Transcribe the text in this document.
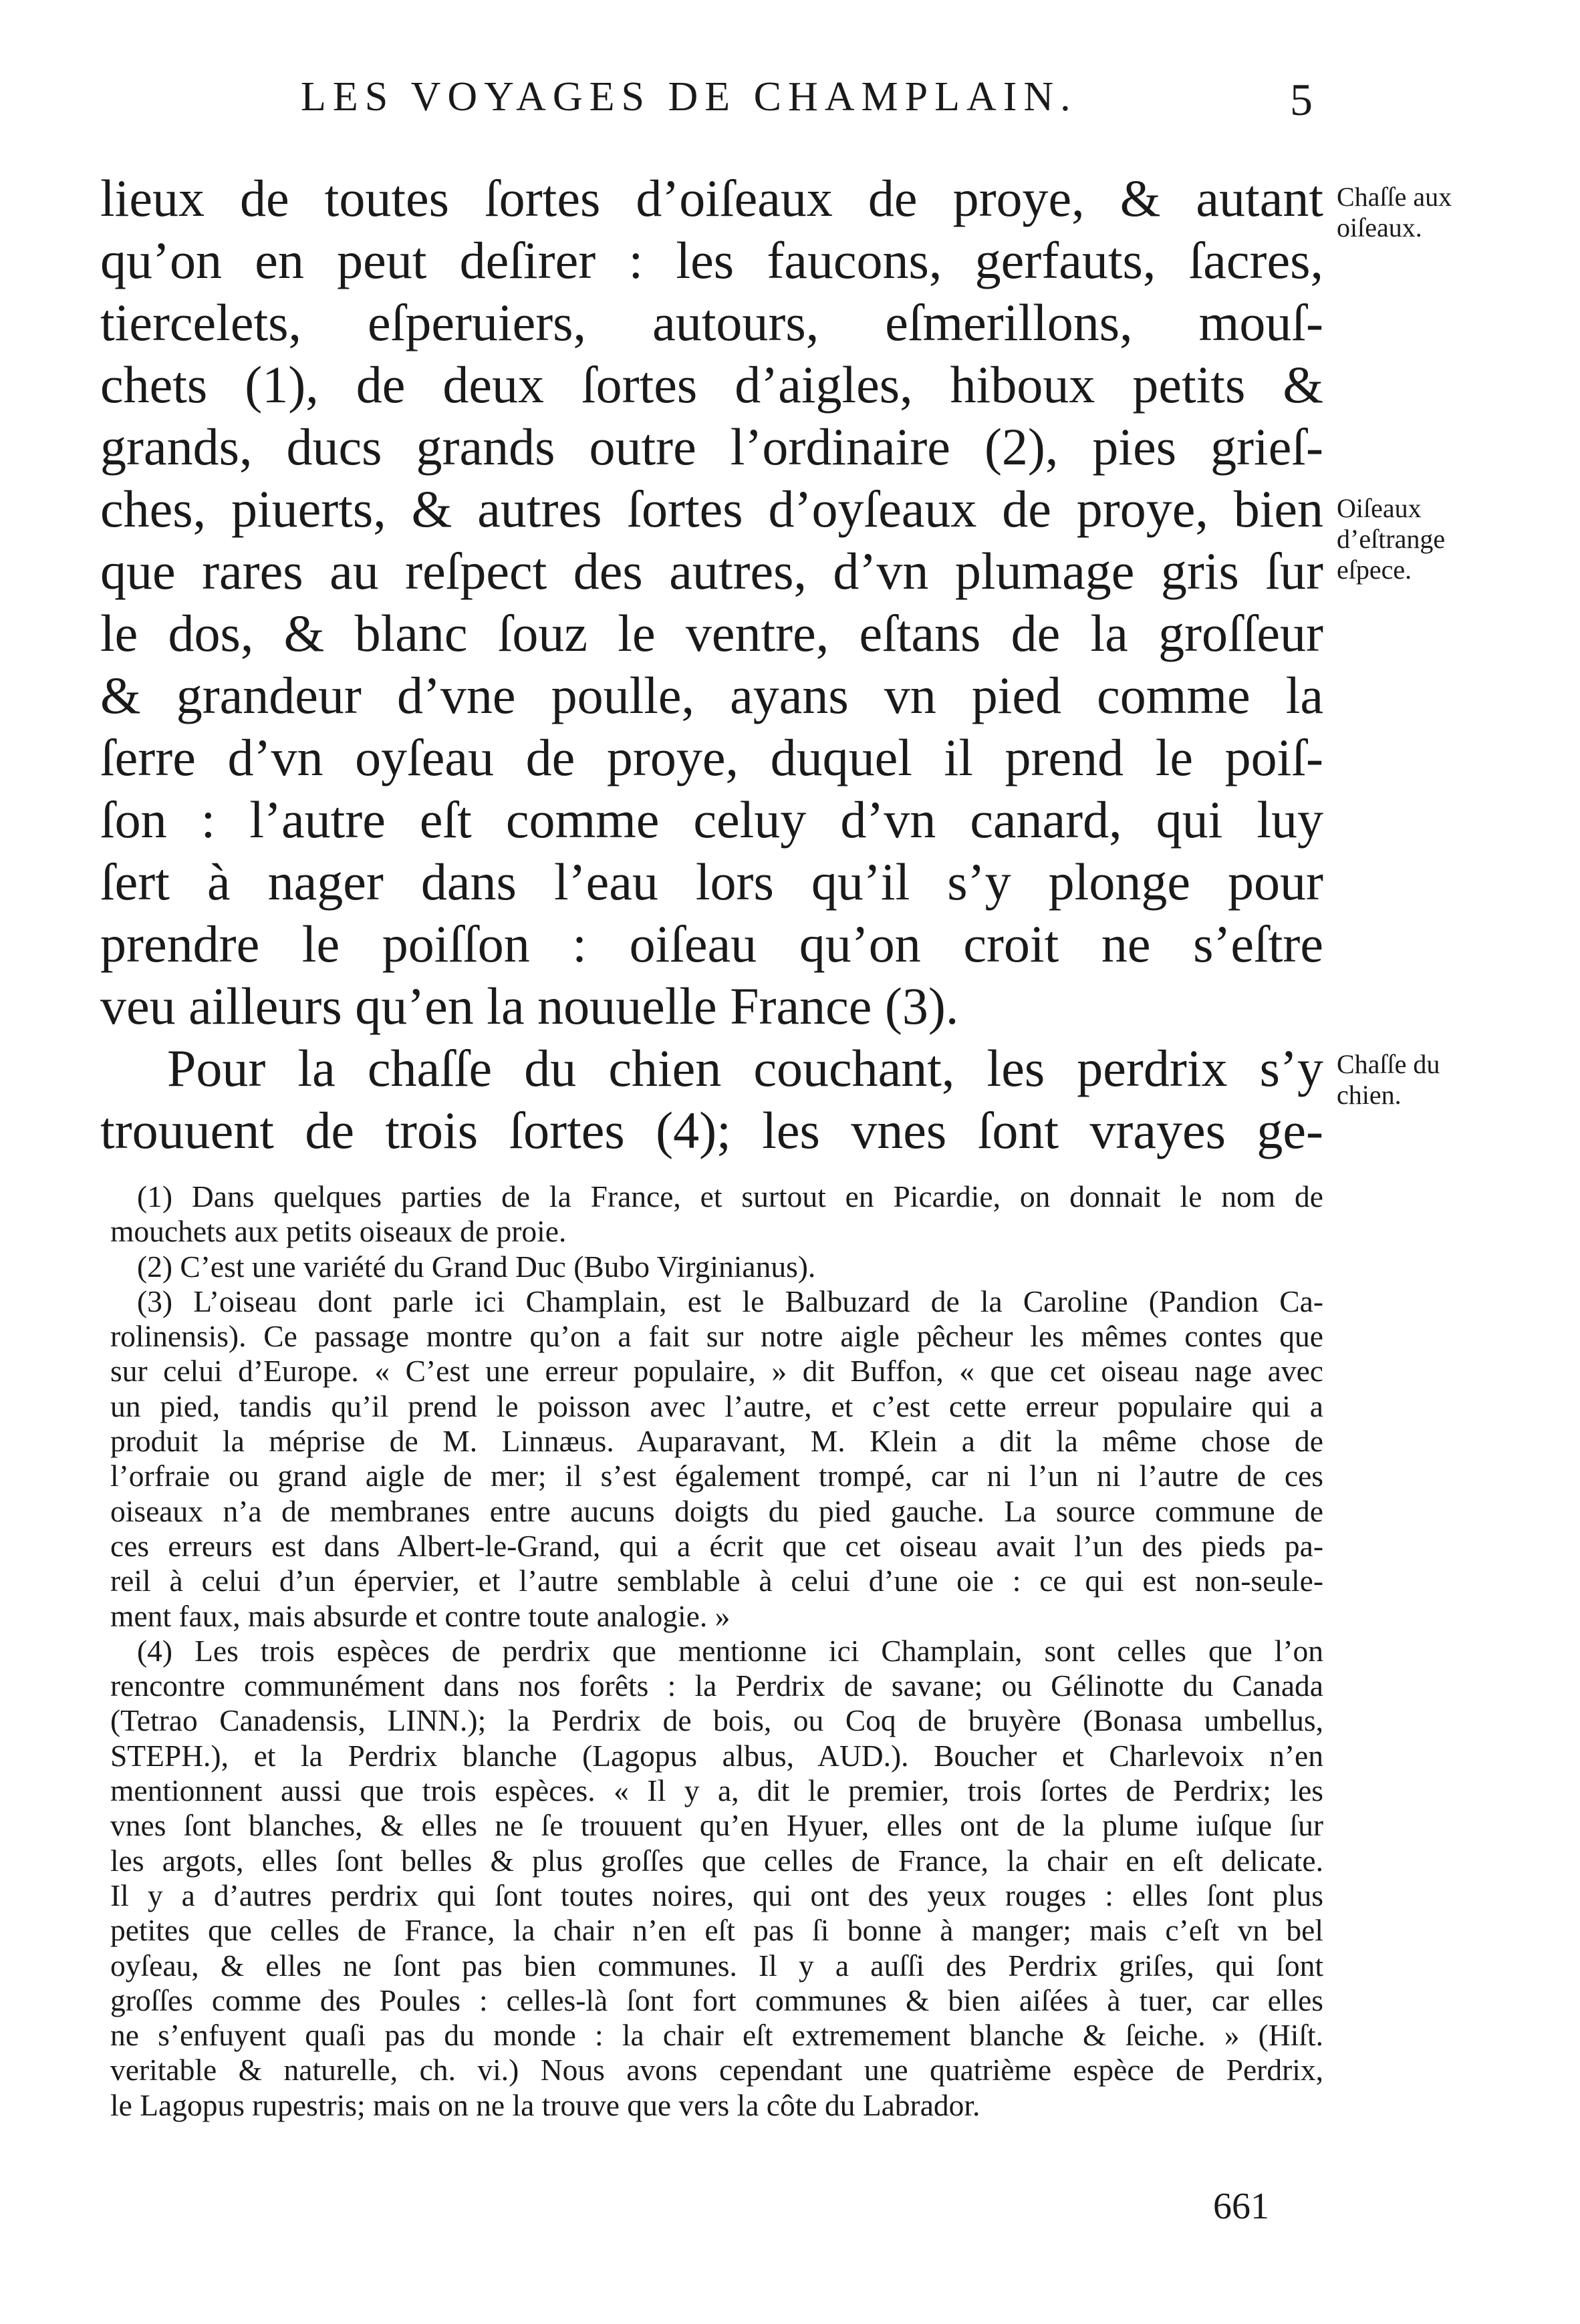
LES VOYAGES DE CHAMPLAIN.	5
lieux de toutes ſortes d’oiſeaux de proye, & autant
qu’on en peut deſirer : les faucons, gerfauts, ſacres,
tiercelets, eſperuiers, autours, eſmerillons, mouſ-
chets (1), de deux ſortes d’aigles, hiboux petits &
grands, ducs grands outre l’ordinaire (2), pies grieſ-
ches, piuerts, & autres ſortes d’oyſeaux de proye, bien
que rares au reſpect des autres, d’vn plumage gris ſur
le dos, & blanc ſouz le ventre, eſtans de la groſſeur
& grandeur d’vne poulle, ayans vn pied comme la
ſerre d’vn oyſeau de proye, duquel il prend le poiſ-
ſon : l’autre eſt comme celuy d’vn canard, qui luy
ſert à nager dans l’eau lors qu’il s’y plonge pour
prendre le poiſſon : oiſeau qu’on croit ne s’eſtre
veu ailleurs qu’en la nouuelle France (3).
Pour la chaſſe du chien couchant, les perdrix s’y
trouuent de trois ſortes (4); les vnes ſont vrayes ge-
Chaſſe aux
oiſeaux.
Oiſeaux
d’eſtrange
eſpece.
Chaſſe du
chien.
(1) Dans quelques parties de la France, et surtout en Picardie, on donnait le nom de
mouchets aux petits oiseaux de proie.
(2) C’est une variété du Grand Duc (Bubo Virginianus).
(3) L’oiseau dont parle ici Champlain, est le Balbuzard de la Caroline (Pandion Ca-
rolinensis). Ce passage montre qu’on a fait sur notre aigle pêcheur les mêmes contes que
sur celui d’Europe. « C’est une erreur populaire, » dit Buffon, « que cet oiseau nage avec
un pied, tandis qu’il prend le poisson avec l’autre, et c’est cette erreur populaire qui a
produit la méprise de M. Linnæus. Auparavant, M. Klein a dit la même chose de
l’orfraie ou grand aigle de mer; il s’est également trompé, car ni l’un ni l’autre de ces
oiseaux n’a de membranes entre aucuns doigts du pied gauche. La source commune de
ces erreurs est dans Albert-le-Grand, qui a écrit que cet oiseau avait l’un des pieds pa-
reil à celui d’un épervier, et l’autre semblable à celui d’une oie : ce qui est non-seule-
ment faux, mais absurde et contre toute analogie. »
(4) Les trois espèces de perdrix que mentionne ici Champlain, sont celles que l’on
rencontre communément dans nos forêts : la Perdrix de savane; ou Gélinotte du Canada
(Tetrao Canadensis, LINN.); la Perdrix de bois, ou Coq de bruyère (Bonasa umbellus,
STEPH.), et la Perdrix blanche (Lagopus albus, AUD.). Boucher et Charlevoix n’en
mentionnent aussi que trois espèces. « Il y a, dit le premier, trois ſortes de Perdrix; les
vnes ſont blanches, & elles ne ſe trouuent qu’en Hyuer, elles ont de la plume iuſque ſur
les argots, elles ſont belles & plus groſſes que celles de France, la chair en eſt delicate.
Il y a d’autres perdrix qui ſont toutes noires, qui ont des yeux rouges : elles ſont plus
petites que celles de France, la chair n’en eſt pas ſi bonne à manger; mais c’eſt vn bel
oyſeau, & elles ne ſont pas bien communes. Il y a auſſi des Perdrix griſes, qui ſont
groſſes comme des Poules : celles-là ſont fort communes & bien aiſées à tuer, car elles
ne s’enfuyent quaſi pas du monde : la chair eſt extremement blanche & ſeiche. » (Hiſt.
veritable & naturelle, ch. vi.) Nous avons cependant une quatrième espèce de Perdrix,
le Lagopus rupestris; mais on ne la trouve que vers la côte du Labrador.
661
